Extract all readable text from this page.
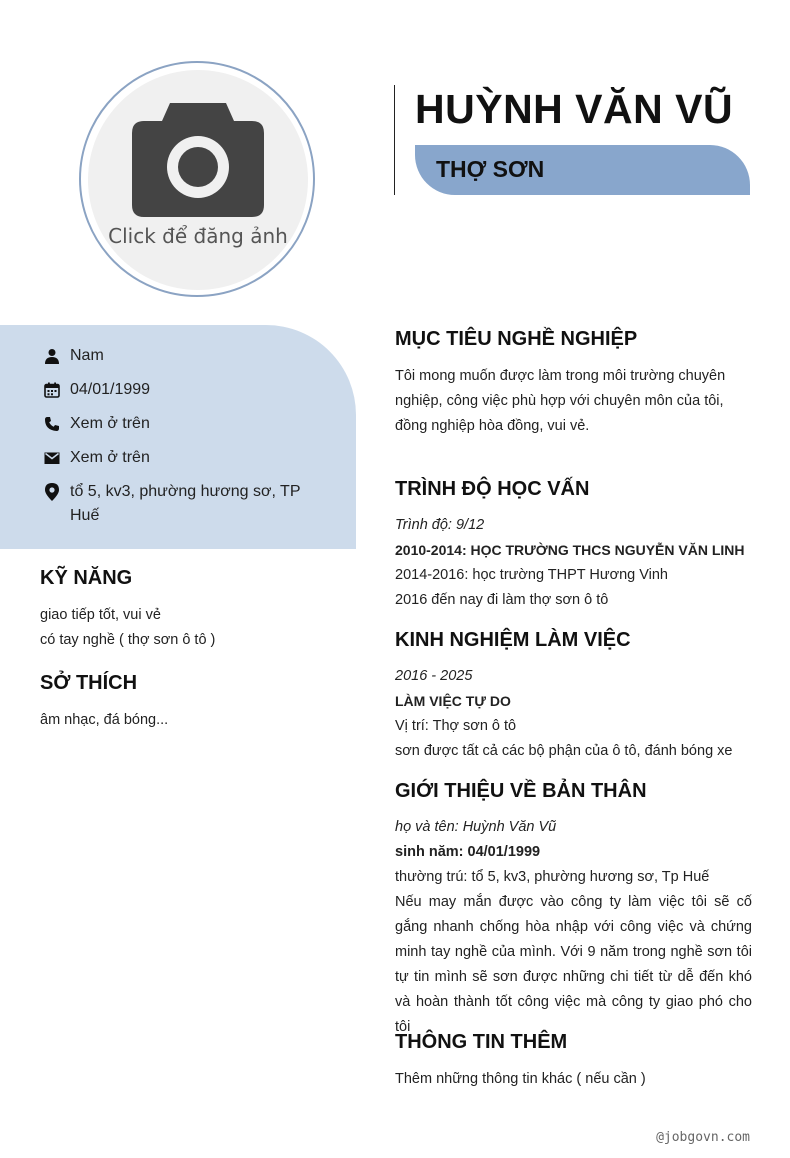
Click để đăng ảnh
HUỲNH VĂN VŨ
THỢ SƠN
Nam
04/01/1999
Xem ở trên
Xem ở trên
tổ 5, kv3, phường hương sơ, TP Huế
KỸ NĂNG
giao tiếp tốt, vui vẻ
có tay nghề ( thợ sơn ô tô )
SỞ THÍCH
âm nhạc, đá bóng...
MỤC TIÊU NGHỀ NGHIỆP
Tôi mong muốn được làm trong môi trường chuyên nghiệp, công việc phù hợp với chuyên môn của tôi, đồng nghiệp hòa đồng, vui vẻ.
TRÌNH ĐỘ HỌC VẤN
Trình độ: 9/12
2010-2014: HỌC TRƯỜNG THCS NGUYỄN VĂN LINH
2014-2016: học trường THPT Hương Vinh
2016 đến nay đi làm thợ sơn ô tô
KINH NGHIỆM LÀM VIỆC
2016 - 2025
LÀM VIỆC TỰ DO
Vị trí: Thợ sơn ô tô
sơn được tất cả các bộ phận của ô tô, đánh bóng xe
GIỚI THIỆU VỀ BẢN THÂN
họ và tên: Huỳnh Văn Vũ
sinh năm: 04/01/1999
thường trú: tổ 5, kv3, phường hương sơ, Tp Huế
Nếu may mắn được vào công ty làm việc tôi sẽ cố gắng nhanh chống hòa nhập với công việc và chứng minh tay nghề của mình. Với 9 năm trong nghề sơn tôi tự tin mình sẽ sơn được những chi tiết từ dễ đến khó và hoàn thành tốt công việc mà công ty giao phó cho tôi
THÔNG TIN THÊM
Thêm những thông tin khác ( nếu cần )
@jobgovn.com
